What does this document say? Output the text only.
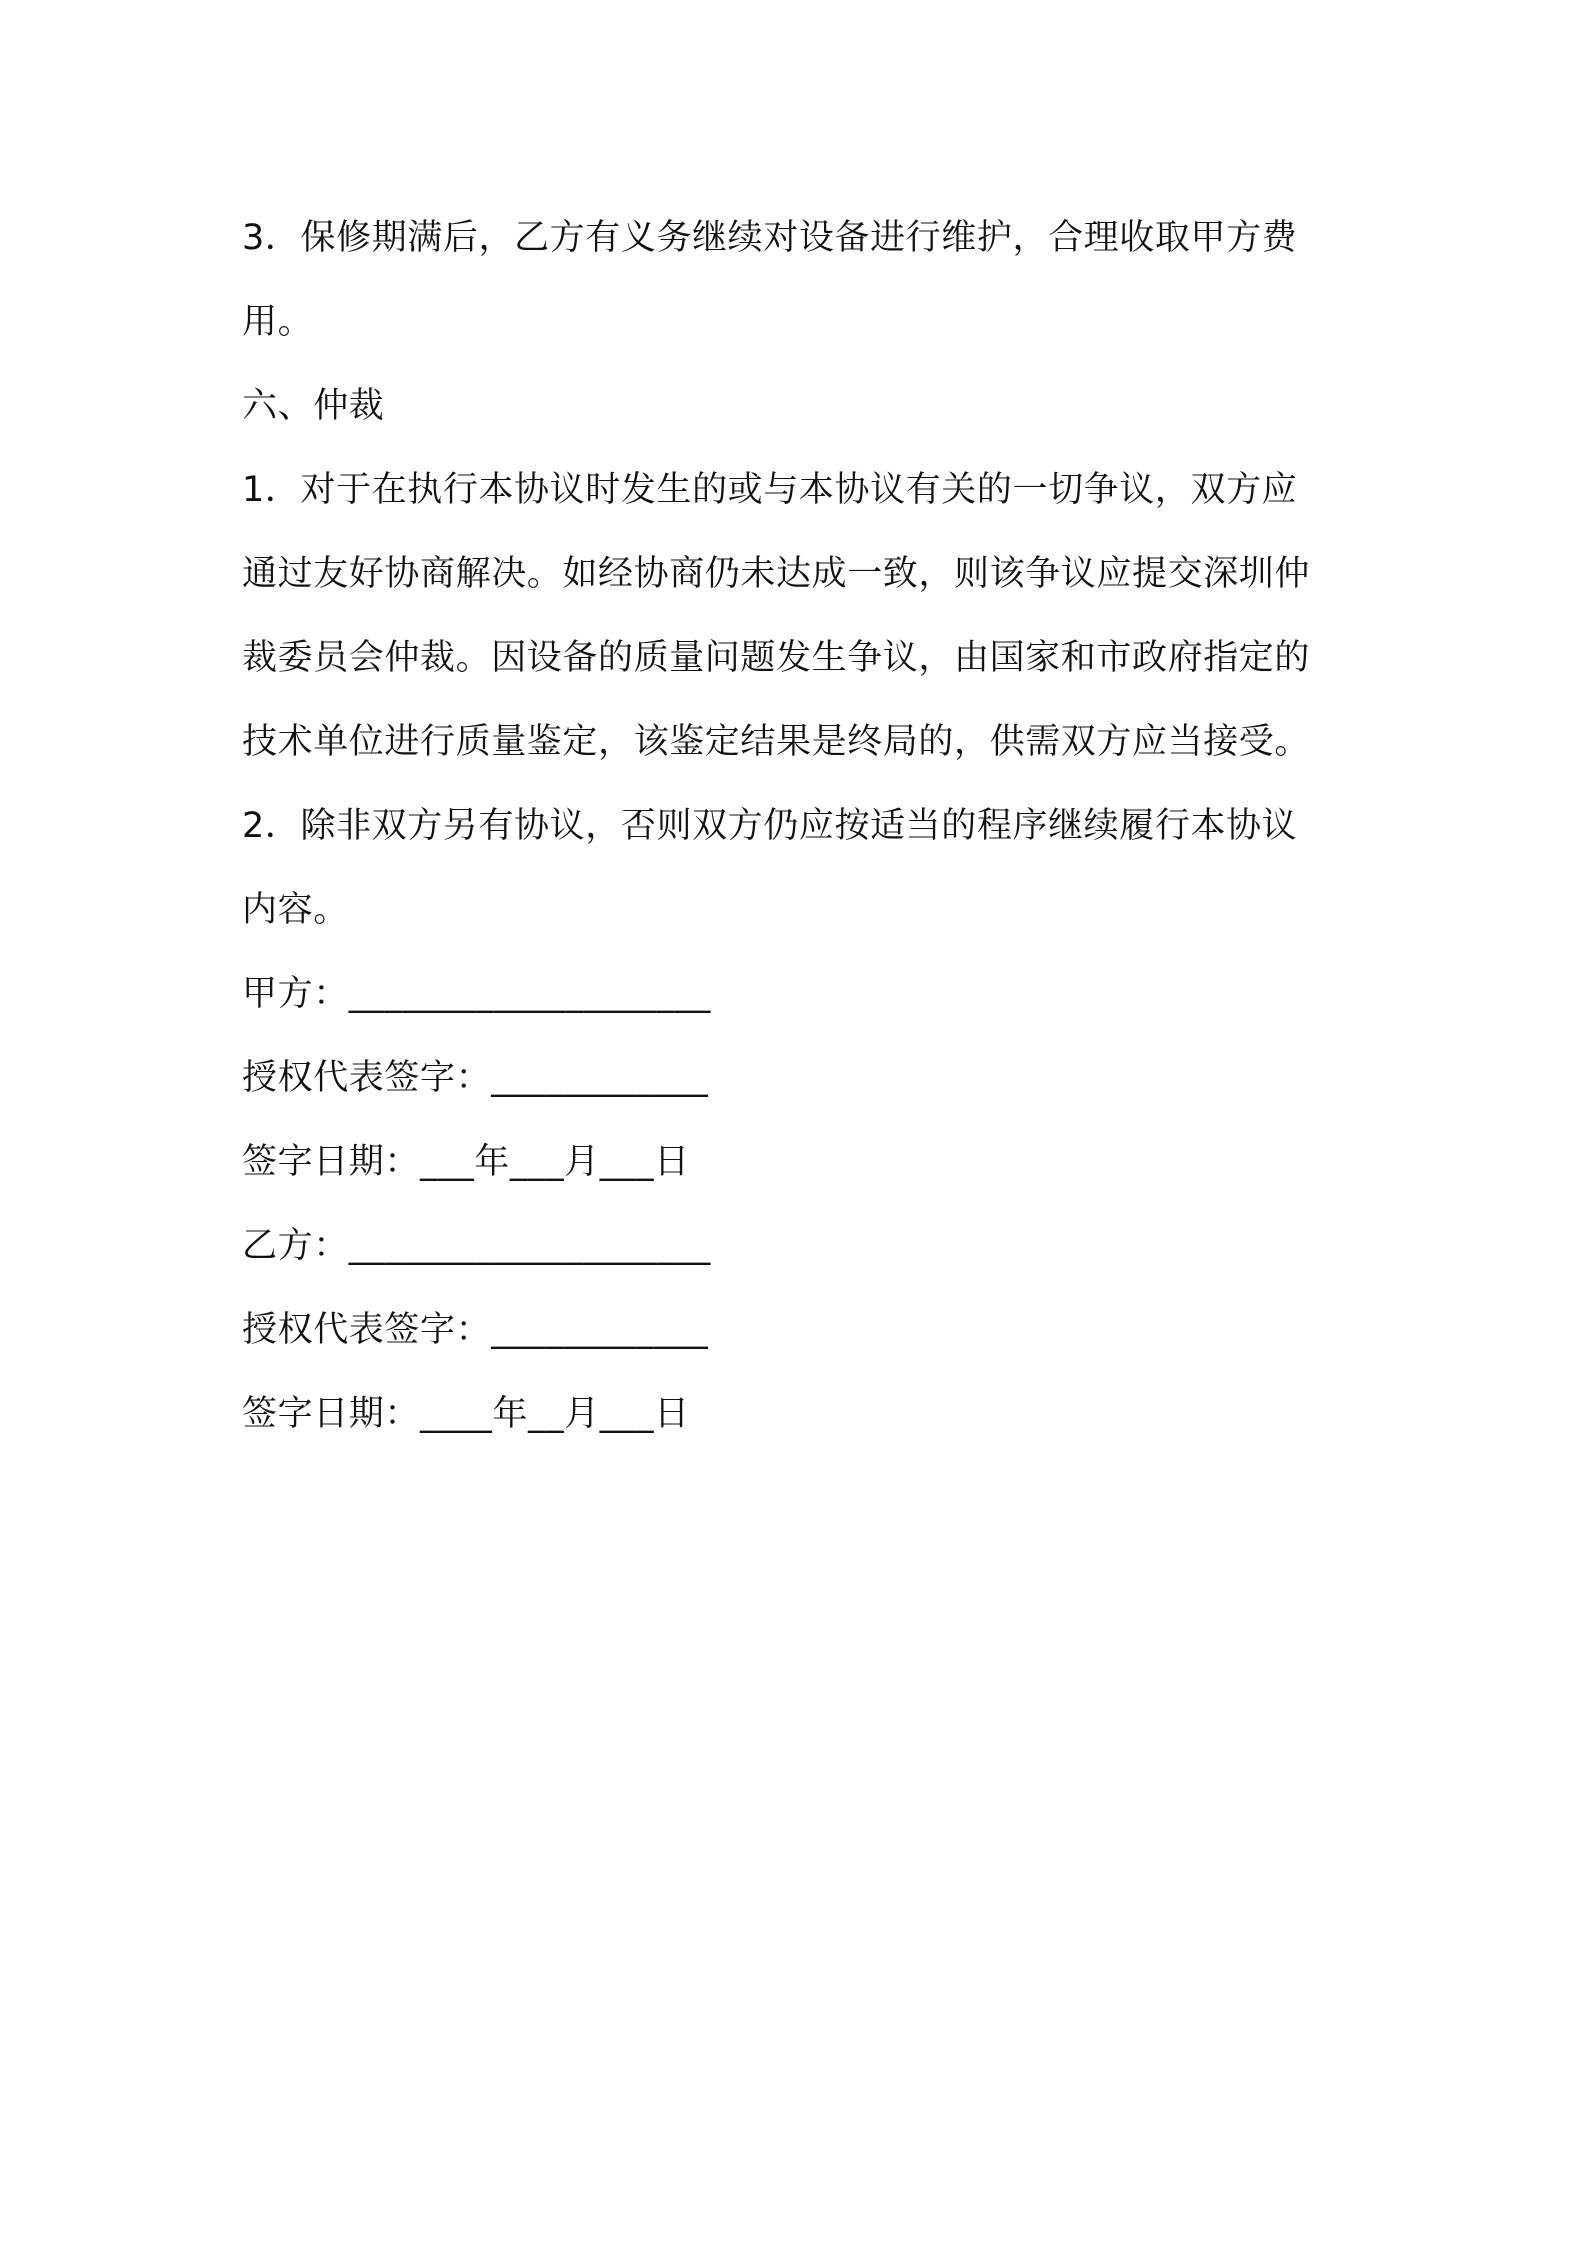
3．保修期满后，乙方有义务继续对设备进行维护，合理收取甲方费
用。
六、仲裁
1．对于在执行本协议时发生的或与本协议有关的一切争议，双方应
通过友好协商解决。如经协商仍未达成一致，则该争议应提交深圳仲
裁委员会仲裁。因设备的质量问题发生争议，由国家和市政府指定的
技术单位进行质量鉴定，该鉴定结果是终局的，供需双方应当接受。
2．除非双方另有协议，否则双方仍应按适当的程序继续履行本协议
内容。
甲方：____________________
授权代表签字：____________
签字日期：___年___月___日
乙方：____________________
授权代表签字：____________
签字日期：____年__月___日
